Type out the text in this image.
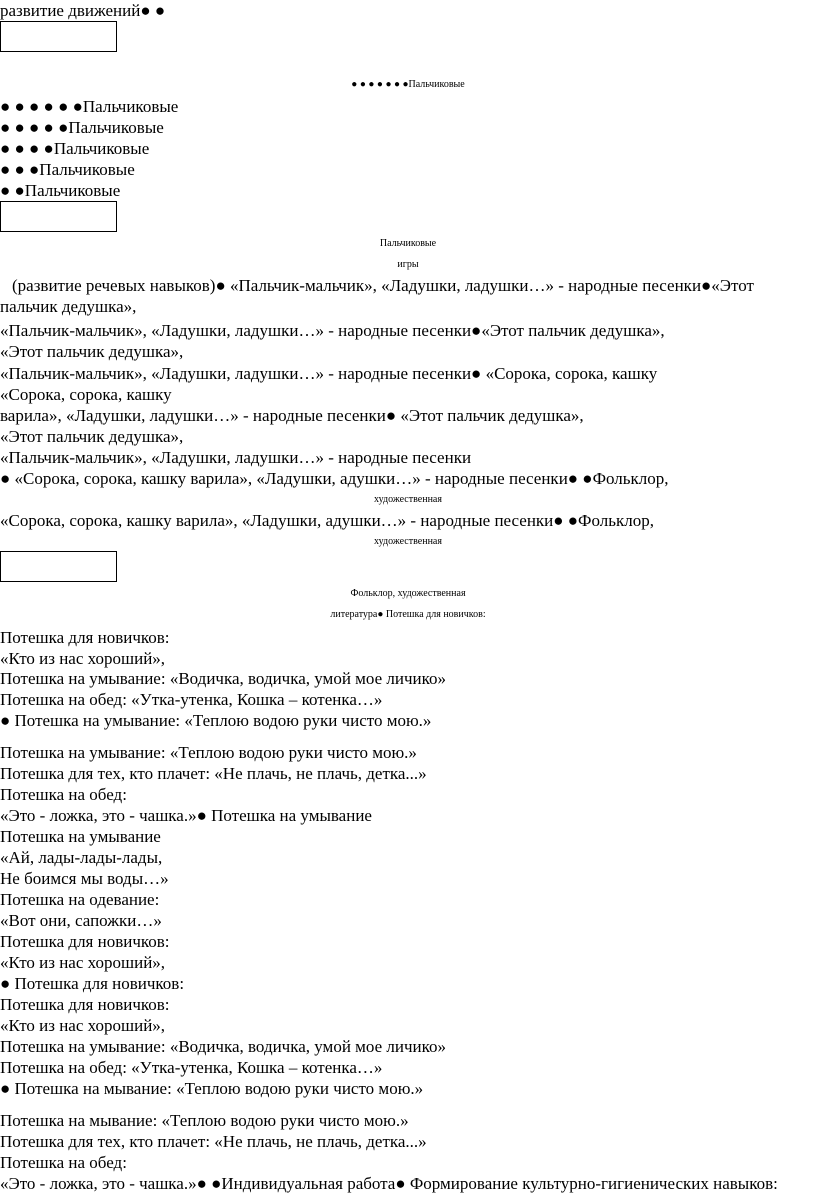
развитие движений● ●

● ● ● ● ● ● ●Пальчиковые

● ● ● ● ● ●Пальчиковые

● ● ● ● ●Пальчиковые

● ● ● ●Пальчиковые

● ● ●Пальчиковые

● ●Пальчиковые

Пальчиковые

игры

(развитие речевых навыков)● «Пальчик-мальчик», «Ладушки, ладушки…» - народные песенки●«Этот

пальчик дедушка»,

«Пальчик-мальчик», «Ладушки, ладушки…» - народные песенки●«Этот пальчик дедушка»,

«Этот пальчик дедушка»,

«Пальчик-мальчик», «Ладушки, ладушки…» - народные песенки● «Сорока, сорока, кашку

«Сорока, сорока, кашку

варила», «Ладушки, ладушки…» - народные песенки● «Этот пальчик дедушка»,

«Этот пальчик дедушка»,

«Пальчик-мальчик», «Ладушки, ладушки…» - народные песенки

● «Сорока, сорока, кашку варила», «Ладушки, адушки…» - народные песенки● ●Фольклор,

художественная

«Сорока, сорока, кашку варила», «Ладушки, адушки…» - народные песенки● ●Фольклор,

художественная

Фольклор, художественная

литература● Потешка для новичков:

Потешка для новичков:

«Кто из нас хороший»,

Потешка на умывание: «Водичка, водичка, умой мое личико»

Потешка на обед: «Утка-утенка, Кошка – котенка…»

● Потешка на умывание: «Теплою водою руки чисто мою.»

Потешка на умывание: «Теплою водою руки чисто мою.»

Потешка для тех, кто плачет: «Не плачь, не плачь, детка...»

Потешка на обед:

«Это - ложка, это - чашка.»● Потешка на умывание

Потешка на умывание

«Ай, лады-лады-лады,

Не боимся мы воды…»

Потешка на одевание:

«Вот они, сапожки…»

Потешка для новичков:

«Кто из нас хороший»,

● Потешка для новичков:

Потешка для новичков:

«Кто из нас хороший»,

Потешка на умывание: «Водичка, водичка, умой мое личико»

Потешка на обед: «Утка-утенка, Кошка – котенка…»

● Потешка на мывание: «Теплою водою руки чисто мою.»

Потешка на мывание: «Теплою водою руки чисто мою.»

Потешка для тех, кто плачет: «Не плачь, не плачь, детка...»

Потешка на обед:

«Это - ложка, это - чашка.»● ●Индивидуальная работа● Формирование культурно-гигиенических навыков:
